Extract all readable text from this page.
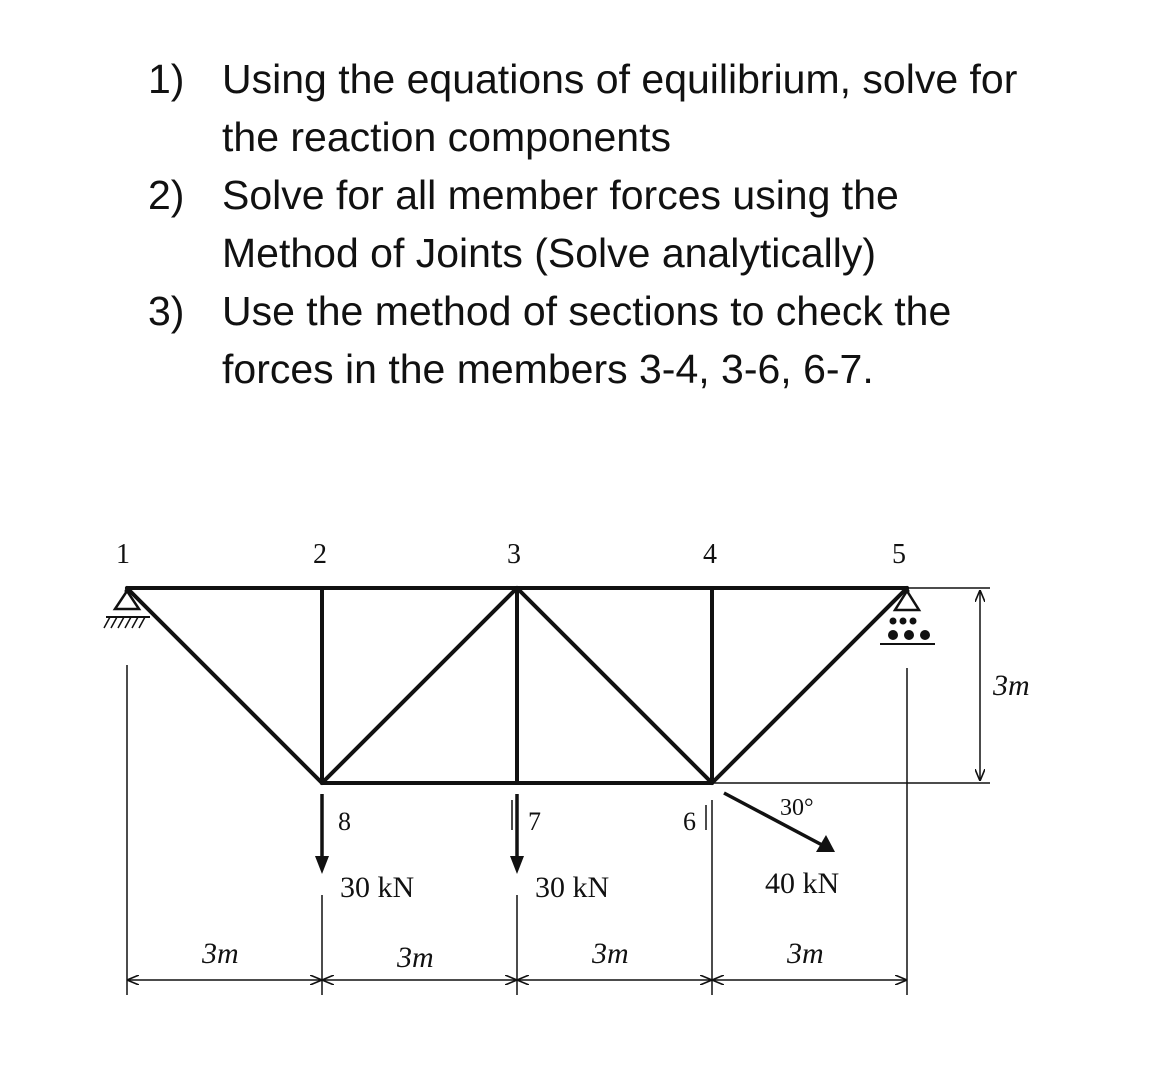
1) Using the equations of equilibrium, solve for
the reaction components
2) Solve for all member forces using the
Method of Joints (Solve analytically)
3) Use the method of sections to check the
forces in the members 3-4, 3-6, 6-7.
1	2	3	4	5
6
7
8
30 kN	30 kN	40 kN
30°
3m	3m	3m	3m
3m
